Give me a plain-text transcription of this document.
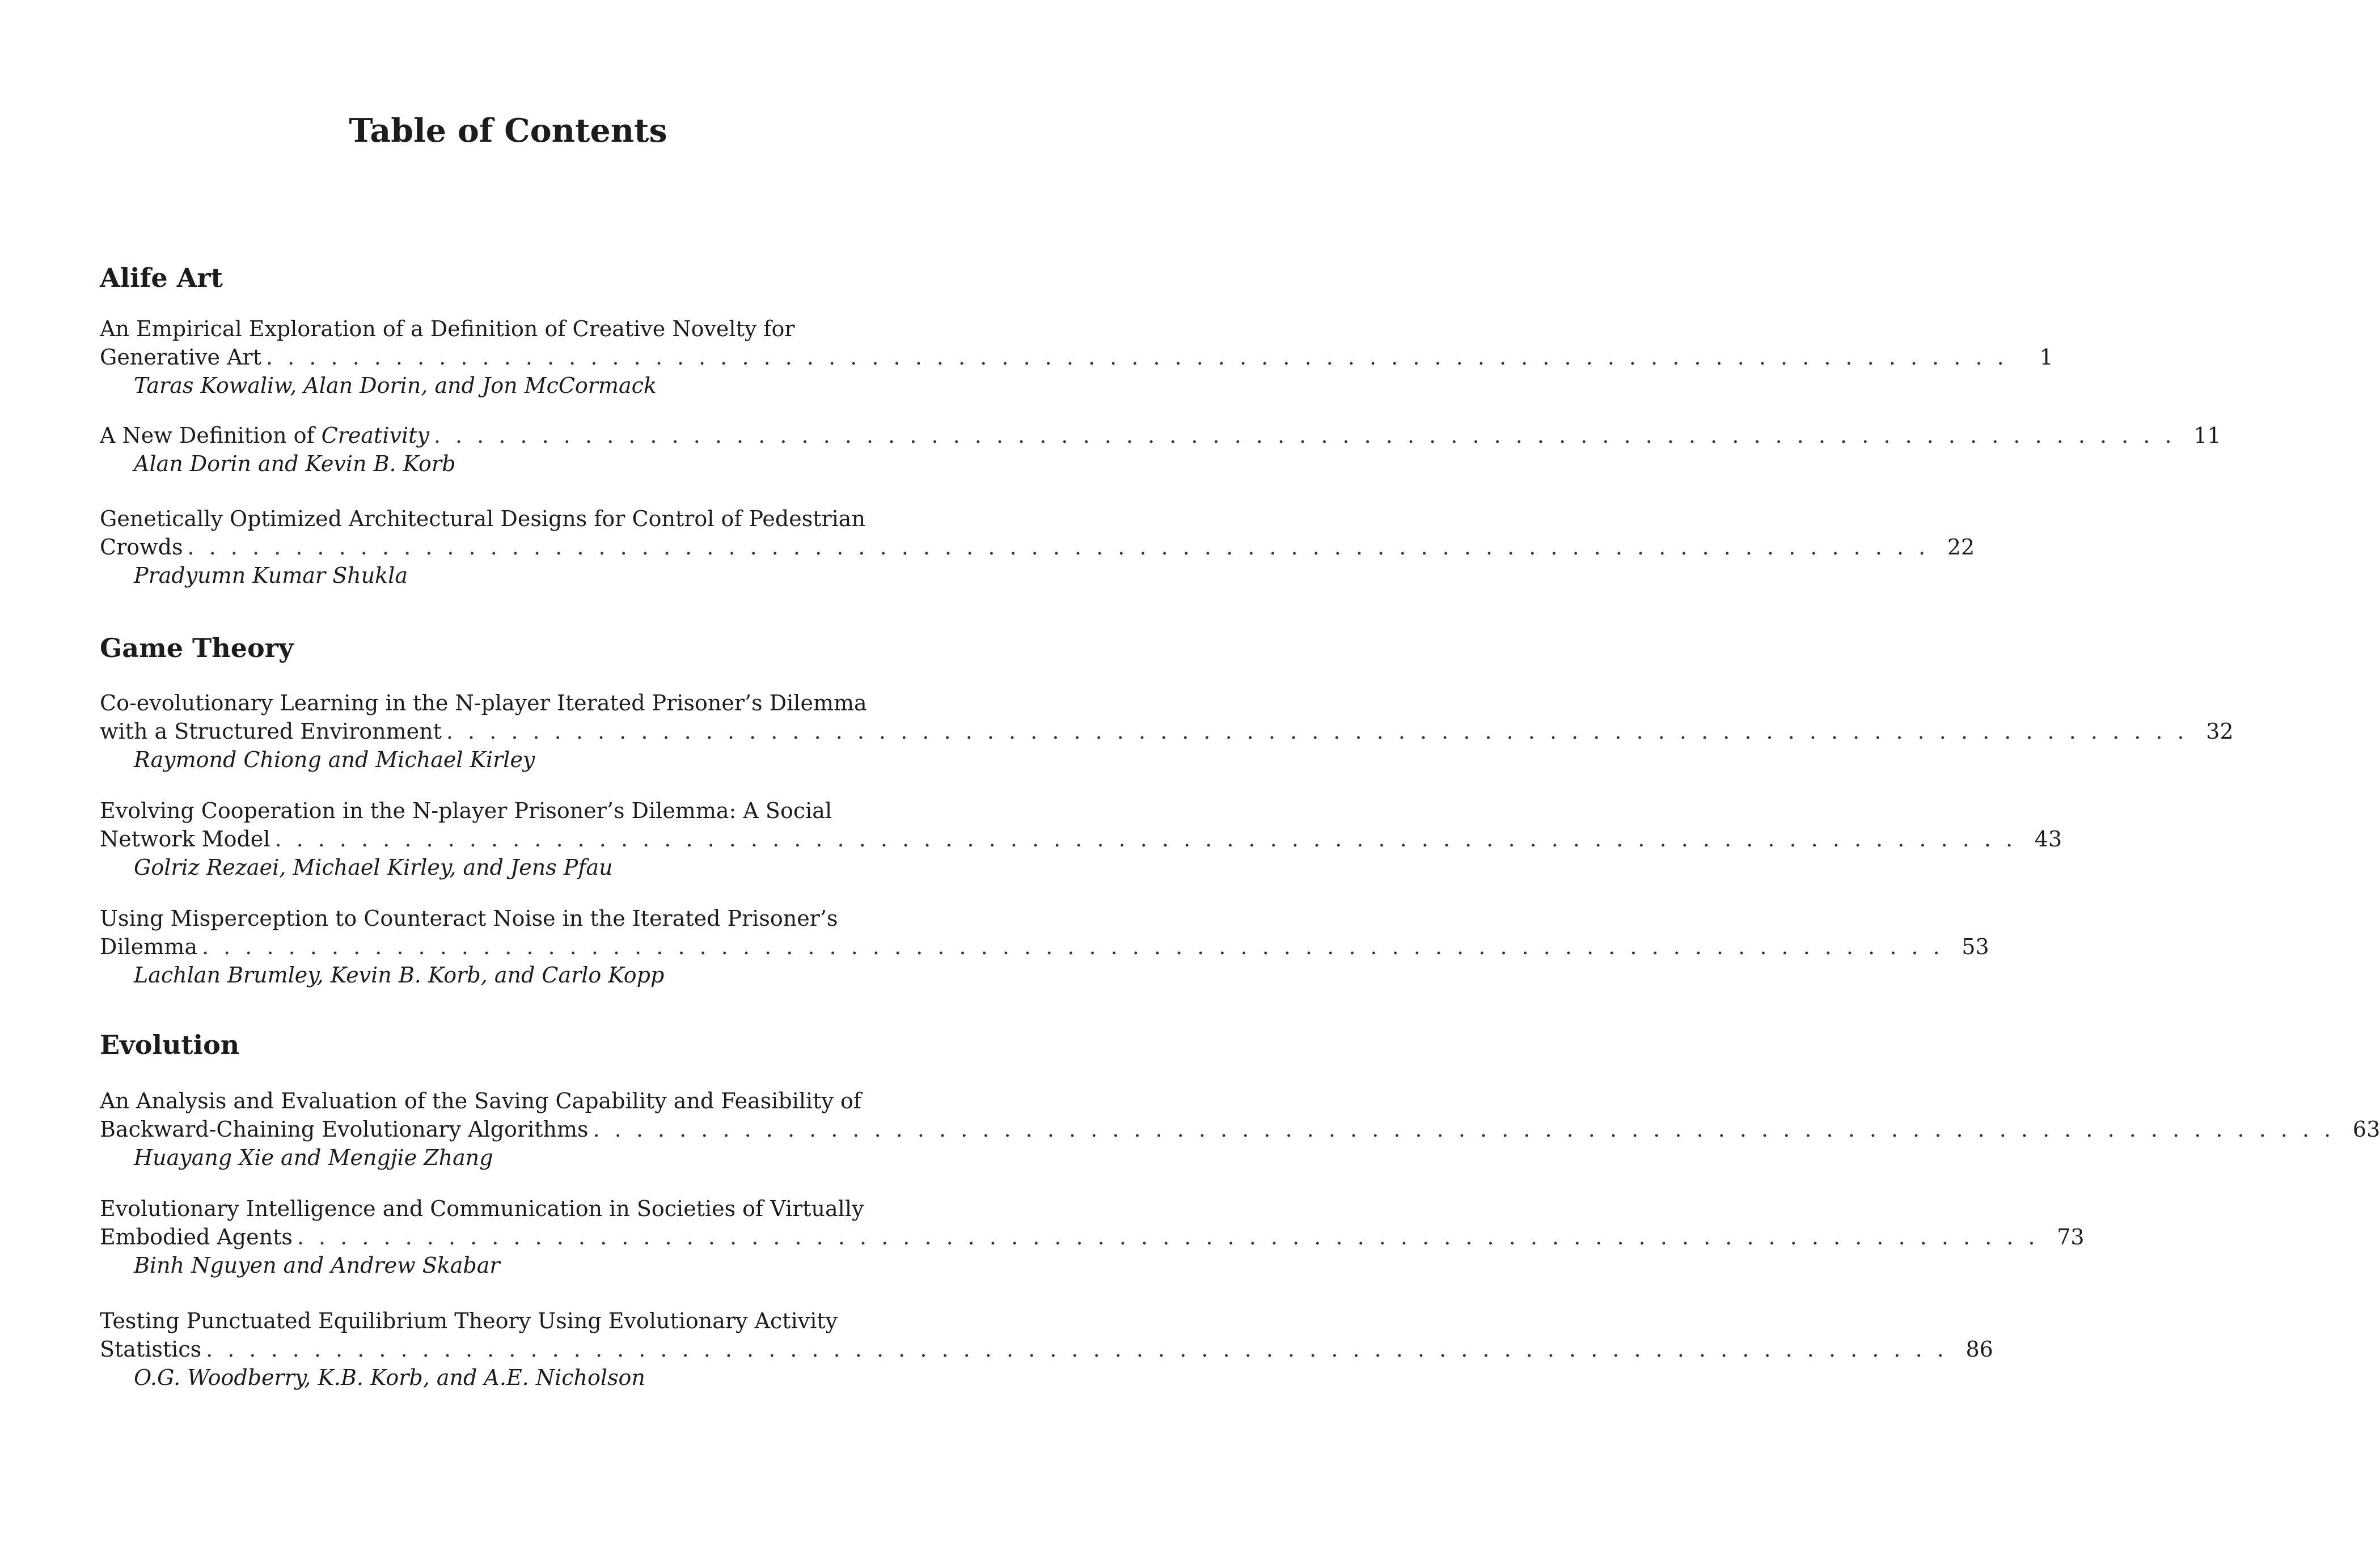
Table of Contents
Alife Art
An Empirical Exploration of a Definition of Creative Novelty for
Generative Art . . . . . . . . . . . . . . . . . . . . . . . . . . . . . . . . . . . . . . . . . . . . . . . . . . . . . . . . . . . . . . . . . . . . . . . . . . . . . . . . .	1
Taras Kowaliw, Alan Dorin, and Jon McCormack
A New Definition of Creativity . . . . . . . . . . . . . . . . . . . . . . . . . . . . . . . . . . . . . . . . . . . . . . . . . . . . . . . . . . . . . . . . . . . . . . . . . . . . . . . . . 11
Alan Dorin and Kevin B. Korb
Genetically Optimized Architectural Designs for Control of Pedestrian
Crowds . . . . . . . . . . . . . . . . . . . . . . . . . . . . . . . . . . . . . . . . . . . . . . . . . . . . . . . . . . . . . . . . . . . . . . . . . . . . . . . . . 22
Pradyumn Kumar Shukla
Game Theory
Co-evolutionary Learning in the N-player Iterated Prisoner’s Dilemma
with a Structured Environment . . . . . . . . . . . . . . . . . . . . . . . . . . . . . . . . . . . . . . . . . . . . . . . . . . . . . . . . . . . . . . . . . . . . . . . . . . . . . . . . . 32
Raymond Chiong and Michael Kirley
Evolving Cooperation in the N-player Prisoner’s Dilemma: A Social
Network Model . . . . . . . . . . . . . . . . . . . . . . . . . . . . . . . . . . . . . . . . . . . . . . . . . . . . . . . . . . . . . . . . . . . . . . . . . . . . . . . . . 43
Golriz Rezaei, Michael Kirley, and Jens Pfau
Using Misperception to Counteract Noise in the Iterated Prisoner’s
Dilemma . . . . . . . . . . . . . . . . . . . . . . . . . . . . . . . . . . . . . . . . . . . . . . . . . . . . . . . . . . . . . . . . . . . . . . . . . . . . . . . . . 53
Lachlan Brumley, Kevin B. Korb, and Carlo Kopp
Evolution
An Analysis and Evaluation of the Saving Capability and Feasibility of
Backward-Chaining Evolutionary Algorithms . . . . . . . . . . . . . . . . . . . . . . . . . . . . . . . . . . . . . . . . . . . . . . . . . . . . . . . . . . . . . . . . . . . . . . . . . . . . . . . . . 63
Huayang Xie and Mengjie Zhang
Evolutionary Intelligence and Communication in Societies of Virtually
Embodied Agents . . . . . . . . . . . . . . . . . . . . . . . . . . . . . . . . . . . . . . . . . . . . . . . . . . . . . . . . . . . . . . . . . . . . . . . . . . . . . . . . . 73
Binh Nguyen and Andrew Skabar
Testing Punctuated Equilibrium Theory Using Evolutionary Activity
Statistics . . . . . . . . . . . . . . . . . . . . . . . . . . . . . . . . . . . . . . . . . . . . . . . . . . . . . . . . . . . . . . . . . . . . . . . . . . . . . . . . . 86
O.G. Woodberry, K.B. Korb, and A.E. Nicholson
